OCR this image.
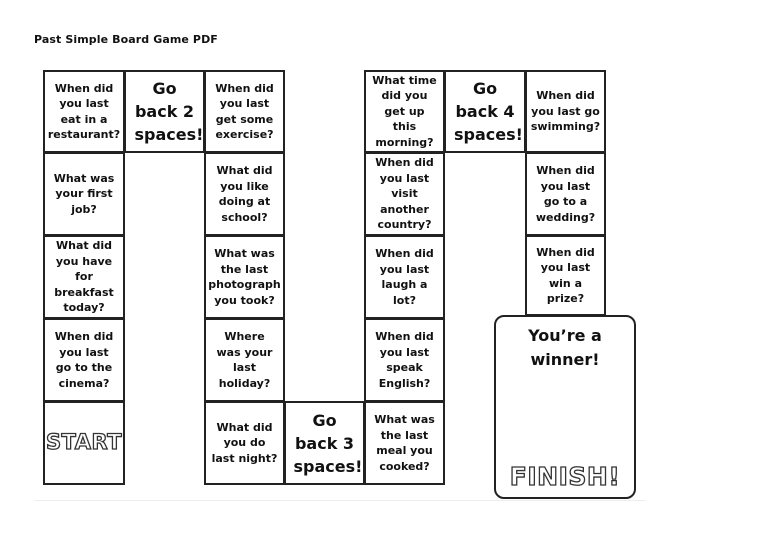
Past Simple Board Game PDF
When did you last eat in a restaurant?
What was your first job?
What did you have for breakfast today?
When did you last go to the cinema?
START
Go back 2 spaces!
When did you last get some exercise?
What did you like doing at school?
What was the last photograph you took?
Where was your last holiday?
What did you do last night?
Go back 3 spaces!
What time did you get up this morning?
When did you last visit another country?
When did you last laugh a lot?
When did you last speak English?
What was the last meal you cooked?
Go back 4 spaces!
When did you last go swimming?
When did you last go to a wedding?
When did you last win a prize?
You’re a winner!
FINISH!
